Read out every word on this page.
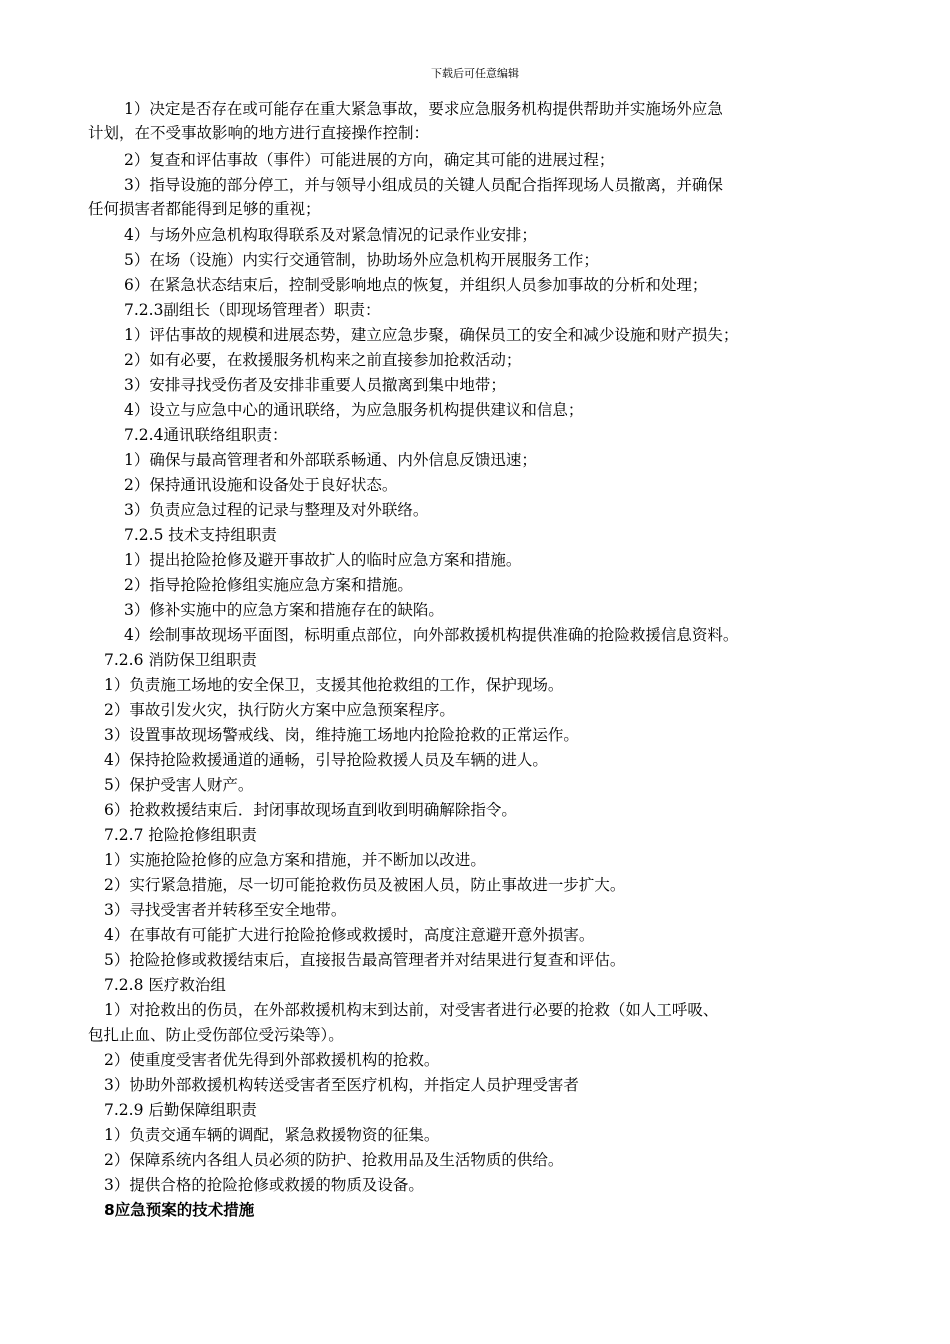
下载后可任意编辑
1）决定是否存在或可能存在重大紧急事故，要求应急服务机构提供帮助并实施场外应急
计划，在不受事故影响的地方进行直接操作控制：
2）复查和评估事故（事件）可能进展的方向，确定其可能的进展过程；
3）指导设施的部分停工，并与领导小组成员的关键人员配合指挥现场人员撤离，并确保
任何损害者都能得到足够的重视；
4）与场外应急机构取得联系及对紧急情况的记录作业安排；
5）在场（设施）内实行交通管制，协助场外应急机构开展服务工作；
6）在紧急状态结束后，控制受影响地点的恢复，并组织人员参加事故的分析和处理；
7.2.3副组长（即现场管理者）职责：
1）评估事故的规模和进展态势，建立应急步聚，确保员工的安全和减少设施和财产损失；
2）如有必要，在救援服务机构来之前直接参加抢救活动；
3）安排寻找受伤者及安排非重要人员撤离到集中地带；
4）设立与应急中心的通讯联络，为应急服务机构提供建议和信息；
7.2.4通讯联络组职责：
1）确保与最高管理者和外部联系畅通、内外信息反馈迅速；
2）保持通讯设施和设备处于良好状态。
3）负责应急过程的记录与整理及对外联络。
7.2.5 技术支持组职责
1）提出抢险抢修及避开事故扩人的临时应急方案和措施。
2）指导抢险抢修组实施应急方案和措施。
3）修补实施中的应急方案和措施存在的缺陷。
4）绘制事故现场平面图，标明重点部位，向外部救援机构提供准确的抢险救援信息资料。
7.2.6 消防保卫组职责
1）负责施工场地的安全保卫，支援其他抢救组的工作，保护现场。
2）事故引发火灾，执行防火方案中应急预案程序。
3）设置事故现场警戒线、岗，维持施工场地内抢险抢救的正常运作。
4）保持抢险救援通道的通畅，引导抢险救援人员及车辆的进人。
5）保护受害人财产。
6）抢救救援结束后．封闭事故现场直到收到明确解除指令。
7.2.7 抢险抢修组职责
1）实施抢险抢修的应急方案和措施，并不断加以改进。
2）实行紧急措施，尽一切可能抢救伤员及被困人员，防止事故进一步扩大。
3）寻找受害者并转移至安全地带。
4）在事故有可能扩大进行抢险抢修或救援时，高度注意避开意外损害。
5）抢险抢修或救援结束后，直接报告最高管理者并对结果进行复查和评估。
7.2.8 医疗救治组
1）对抢救出的伤员，在外部救援机构末到达前，对受害者进行必要的抢救（如人工呼吸、
包扎止血、防止受伤部位受污染等）。
2）使重度受害者优先得到外部救援机构的抢救。
3）协助外部救援机构转送受害者至医疗机构，并指定人员护理受害者
7.2.9 后勤保障组职责
1）负责交通车辆的调配，紧急救援物资的征集。
2）保障系统内各组人员必须的防护、抢救用品及生活物质的供给。
3）提供合格的抢险抢修或救援的物质及设备。
8应急预案的技术措施
